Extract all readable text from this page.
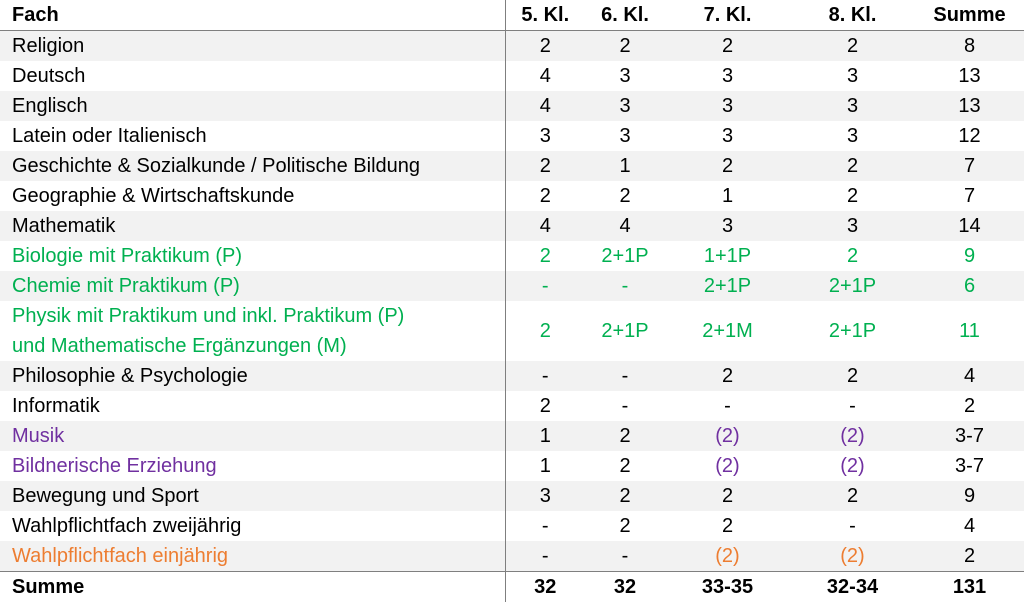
Fach	5. Kl.	6. Kl.	7. Kl.	8. Kl.	Summe
Religion	2	2	2	2	8
Deutsch	4	3	3	3	13
Englisch	4	3	3	3	13
Latein oder Italienisch	3	3	3	3	12
Geschichte & Sozialkunde / Politische Bildung	2	1	2	2	7
Geographie & Wirtschaftskunde	2	2	1	2	7
Mathematik	4	4	3	3	14
Biologie mit Praktikum (P)	2	2+1P	1+1P	2	9
Chemie mit Praktikum (P)	-	-	2+1P	2+1P	6

Physik mit Praktikum und inkl. Praktikum (P)
und Mathematische Ergänzungen (M)	2	2+1P	2+1M	2+1P	11
Philosophie & Psychologie	-	-	2	2	4
Informatik	2	-	-	-	2
Musik	1	2	(2)	(2)	3-7
Bildnerische Erziehung	1	2	(2)	(2)	3-7
Bewegung und Sport	3	2	2	2	9
Wahlpflichtfach zweijährig	-	2	2	-	4
Wahlpflichtfach einjährig	-	-	(2)	(2)	2
Summe	32	32	33-35	32-34	131
